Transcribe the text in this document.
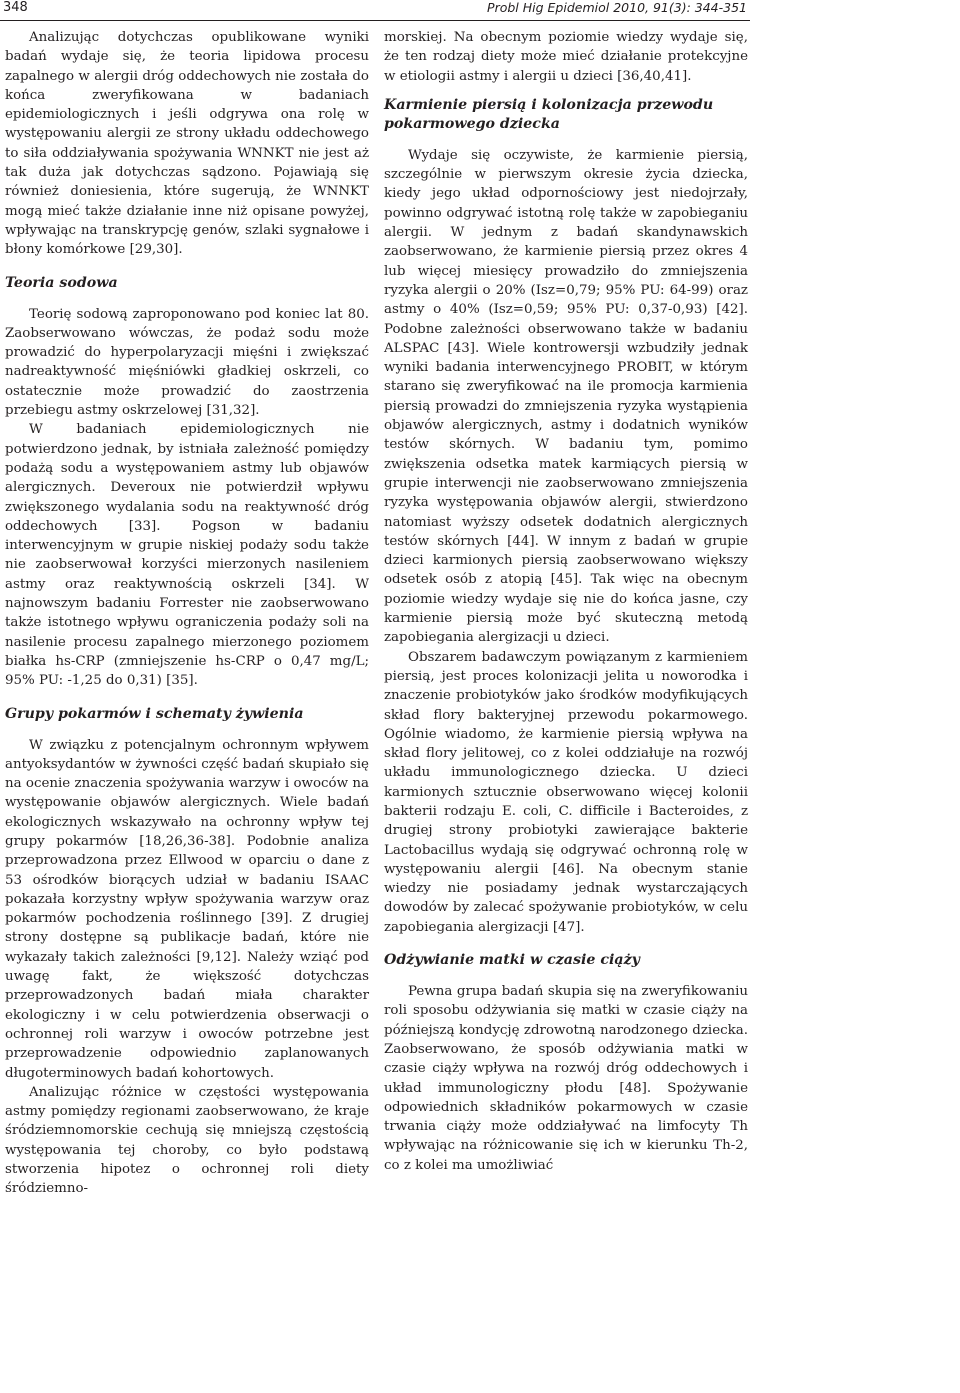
348	Probl Hig Epidemiol 2010, 91(3): 344-351

Analizując dotychczas opublikowane wyniki badań wydaje się, że teoria lipidowa procesu zapalnego w alergii dróg oddechowych nie została do końca zweryfikowana w badaniach epidemiologicznych i jeśli odgrywa ona rolę w występowaniu alergii ze strony układu oddechowego to siła oddziaływania spożywania WNNKT nie jest aż tak duża jak dotychczas sądzono. Pojawiają się również doniesienia, które sugerują, że WNNKT mogą mieć także działanie inne niż opisane powyżej, wpływając na transkrypcję genów, szlaki sygnałowe i błony komórkowe [29,30].

Teoria sodowa

Teorię sodową zaproponowano pod koniec lat 80. Zaobserwowano wówczas, że podaż sodu może prowadzić do hyperpolaryzacji mięśni i zwiększać nadreaktywność mięśniówki gładkiej oskrzeli, co ostatecznie może prowadzić do zaostrzenia przebiegu astmy oskrzelowej [31,32].

W badaniach epidemiologicznych nie potwierdzono jednak, by istniała zależność pomiędzy podażą sodu a występowaniem astmy lub objawów alergicznych. Deveroux nie potwierdził wpływu zwiększonego wydalania sodu na reaktywność dróg oddechowych [33]. Pogson w badaniu interwencyjnym w grupie niskiej podaży sodu także nie zaobserwował korzyści mierzonych nasileniem astmy oraz reaktywnością oskrzeli [34]. W najnowszym badaniu Forrester nie zaobserwowano także istotnego wpływu ograniczenia podaży soli na nasilenie procesu zapalnego mierzonego poziomem białka hs-CRP (zmniejszenie hs-CRP o 0,47 mg/L; 95% PU: -1,25 do 0,31) [35].

Grupy pokarmów i schematy żywienia

W związku z potencjalnym ochronnym wpływem antyoksydantów w żywności część badań skupiało się na ocenie znaczenia spożywania warzyw i owoców na występowanie objawów alergicznych. Wiele badań ekologicznych wskazywało na ochronny wpływ tej grupy pokarmów [18,26,36-38]. Podobnie analiza przeprowadzona przez Ellwood w oparciu o dane z 53 ośrodków biorących udział w badaniu ISAAC pokazała korzystny wpływ spożywania warzyw oraz pokarmów pochodzenia roślinnego [39]. Z drugiej strony dostępne są publikacje badań, które nie wykazały takich zależności [9,12]. Należy wziąć pod uwagę fakt, że większość dotychczas przeprowadzonych badań miała charakter ekologiczny i w celu potwierdzenia obserwacji o ochronnej roli warzyw i owoców potrzebne jest przeprowadzenie odpowiednio zaplanowanych długoterminowych badań kohortowych.

Analizując różnice w częstości występowania astmy pomiędzy regionami zaobserwowano, że kraje śródziemnomorskie cechują się mniejszą częstością występowania tej choroby, co było podstawą stworzenia hipotez o ochronnej roli diety śródziemno-

morskiej. Na obecnym poziomie wiedzy wydaje się, że ten rodzaj diety może mieć działanie protekcyjne w etiologii astmy i alergii u dzieci [36,40,41].

Karmienie piersią i kolonizacja przewodu pokarmowego dziecka

Wydaje się oczywiste, że karmienie piersią, szczególnie w pierwszym okresie życia dziecka, kiedy jego układ odpornościowy jest niedojrzały, powinno odgrywać istotną rolę także w zapobieganiu alergii. W jednym z badań skandynawskich zaobserwowano, że karmienie piersią przez okres 4 lub więcej miesięcy prowadziło do zmniejszenia ryzyka alergii o 20% (Isz=0,79; 95% PU: 64-99) oraz astmy o 40% (Isz=0,59; 95% PU: 0,37-0,93) [42]. Podobne zależności obserwowano także w badaniu ALSPAC [43]. Wiele kontrowersji wzbudziły jednak wyniki badania interwencyjnego PROBIT, w którym starano się zweryfikować na ile promocja karmienia piersią prowadzi do zmniejszenia ryzyka wystąpienia objawów alergicznych, astmy i dodatnich wyników testów skórnych. W badaniu tym, pomimo zwiększenia odsetka matek karmiących piersią w grupie interwencji nie zaobserwowano zmniejszenia ryzyka występowania objawów alergii, stwierdzono natomiast wyższy odsetek dodatnich alergicznych testów skórnych [44]. W innym z badań w grupie dzieci karmionych piersią zaobserwowano większy odsetek osób z atopią [45]. Tak więc na obecnym poziomie wiedzy wydaje się nie do końca jasne, czy karmienie piersią może być skuteczną metodą zapobiegania alergizacji u dzieci.

Obszarem badawczym powiązanym z karmieniem piersią, jest proces kolonizacji jelita u noworodka i znaczenie probiotyków jako środków modyfikujących skład flory bakteryjnej przewodu pokarmowego. Ogólnie wiadomo, że karmienie piersią wpływa na skład flory jelitowej, co z kolei oddziałuje na rozwój układu immunologicznego dziecka. U dzieci karmionych sztucznie obserwowano więcej kolonii bakterii rodzaju E. coli, C. difficile i Bacteroides, z drugiej strony probiotyki zawierające bakterie Lactobacillus wydają się odgrywać ochronną rolę w występowaniu alergii [46]. Na obecnym stanie wiedzy nie posiadamy jednak wystarczających dowodów by zalecać spożywanie probiotyków, w celu zapobiegania alergizacji [47].

Odżywianie matki w czasie ciąży

Pewna grupa badań skupia się na zweryfikowaniu roli sposobu odżywiania się matki w czasie ciąży na późniejszą kondycję zdrowotną narodzonego dziecka. Zaobserwowano, że sposób odżywiania matki w czasie ciąży wpływa na rozwój dróg oddechowych i układ immunologiczny płodu [48]. Spożywanie odpowiednich składników pokarmowych w czasie trwania ciąży może oddziaływać na limfocyty Th wpływając na różnicowanie się ich w kierunku Th-2, co z kolei ma umożliwiać
